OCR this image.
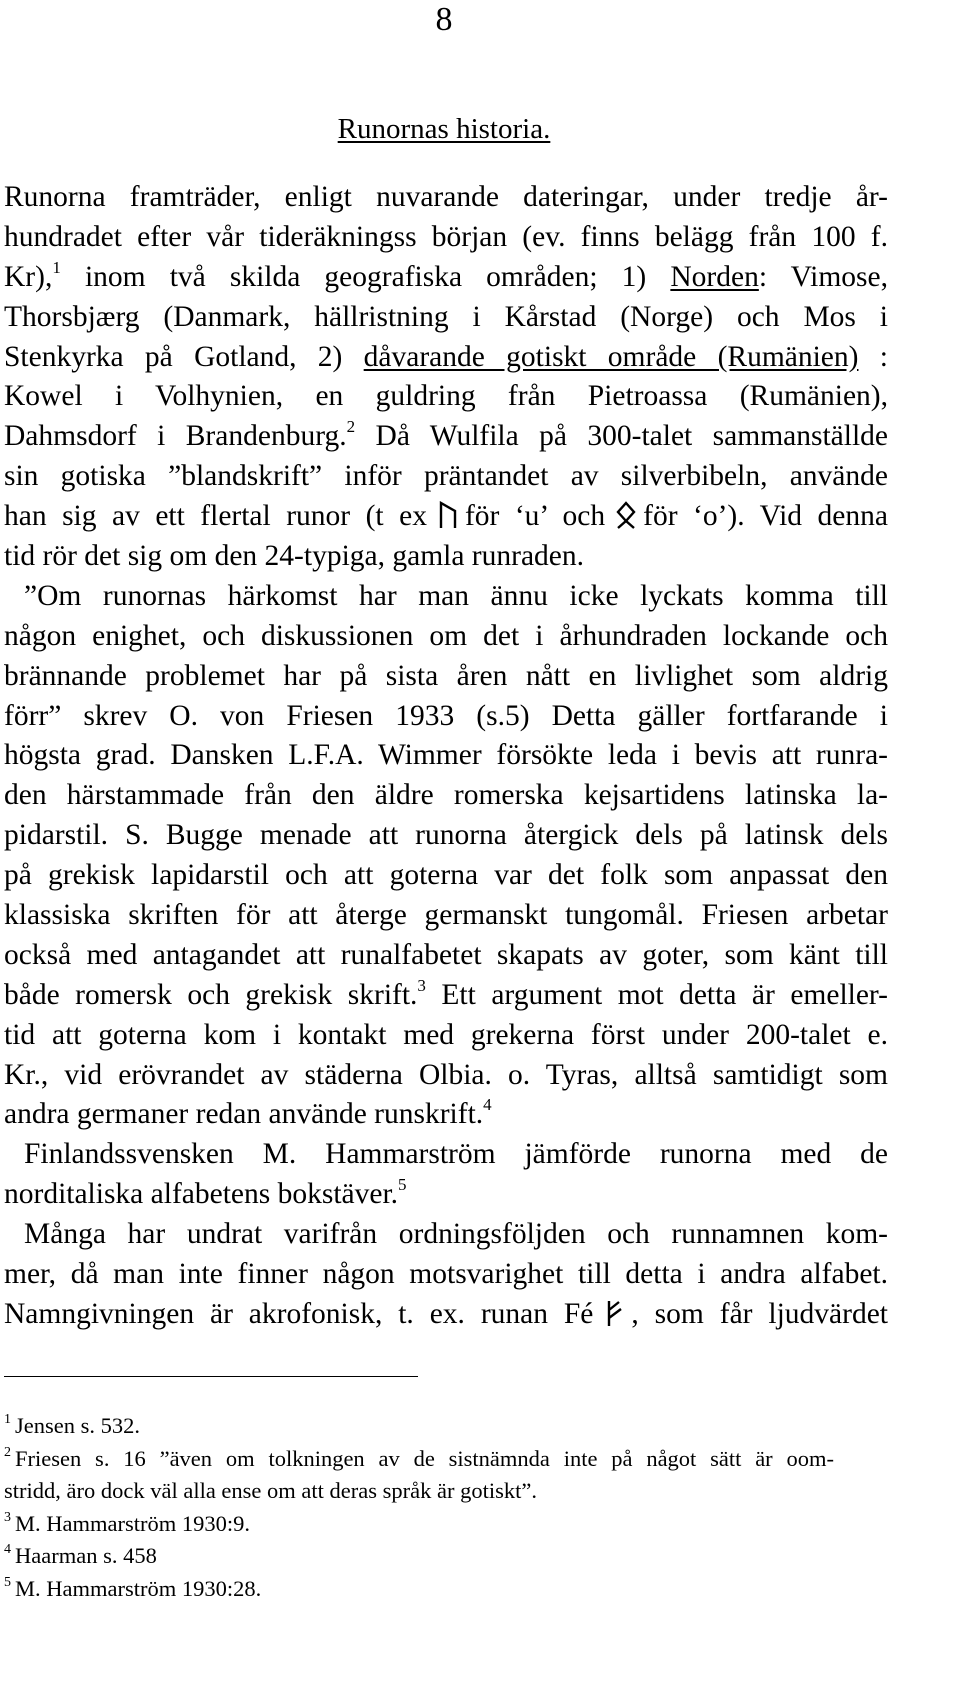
8
Runornas historia.
Runorna framträder, enligt nuvarande dateringar, under tredje år-
hundradet efter vår tideräkningss början (ev. finns belägg från 100 f.
Kr),$^1$ inom två skilda geografiska områden; 1) Norden: Vimose,
Thorsbjærg (Danmark, hällristning i Kårstad (Norge) och Mos i
Stenkyrka på Gotland, 2) dåvarande gotiskt område (Rumänien) :
Kowel i Volhynien, en guldring från Pietroassa (Rumänien),
Dahmsdorf i Brandenburg.$^2$ Då Wulfila på 300-talet sammanställde
sin gotiska ”blandskrift” inför präntandet av silverbibeln, använde
han sig av ett flertal runor (t ex för ‘u’ och för ‘o’). Vid denna
tid rör det sig om den 24-typiga, gamla runraden.
”Om runornas härkomst har man ännu icke lyckats komma till
någon enighet, och diskussionen om det i århundraden lockande och
brännande problemet har på sista åren nått en livlighet som aldrig
förr” skrev O. von Friesen 1933 (s.5) Detta gäller fortfarande i
högsta grad. Dansken L.F.A. Wimmer försökte leda i bevis att runra-
den härstammade från den äldre romerska kejsartidens latinska la-
pidarstil. S. Bugge menade att runorna återgick dels på latinsk dels
på grekisk lapidarstil och att goterna var det folk som anpassat den
klassiska skriften för att återge germanskt tungomål. Friesen arbetar
också med antagandet att runalfabetet skapats av goter, som känt till
både romersk och grekisk skrift.$^3$ Ett argument mot detta är emeller-
tid att goterna kom i kontakt med grekerna först under 200-talet e.
Kr., vid erövrandet av städerna Olbia. o. Tyras, alltså samtidigt som
andra germaner redan använde runskrift.$^4$
Finlandssvensken M. Hammarström jämförde runorna med de
norditaliska alfabetens bokstäver.$^5$
Många har undrat varifrån ordningsföljden och runnamnen kom-
mer, då man inte finner någon motsvarighet till detta i andra alfabet.
Namngivningen är akrofonisk, t. ex. runan Fé , som får ljudvärdet
$^1$ Jensen s. 532.
$^2$ Friesen s. 16 ”även om tolkningen av de sistnämnda inte på något sätt är oom-
stridd, äro dock väl alla ense om att deras språk är gotiskt”.
$^3$ M. Hammarström 1930:9.
$^4$ Haarman s. 458
$^5$ M. Hammarström 1930:28.
